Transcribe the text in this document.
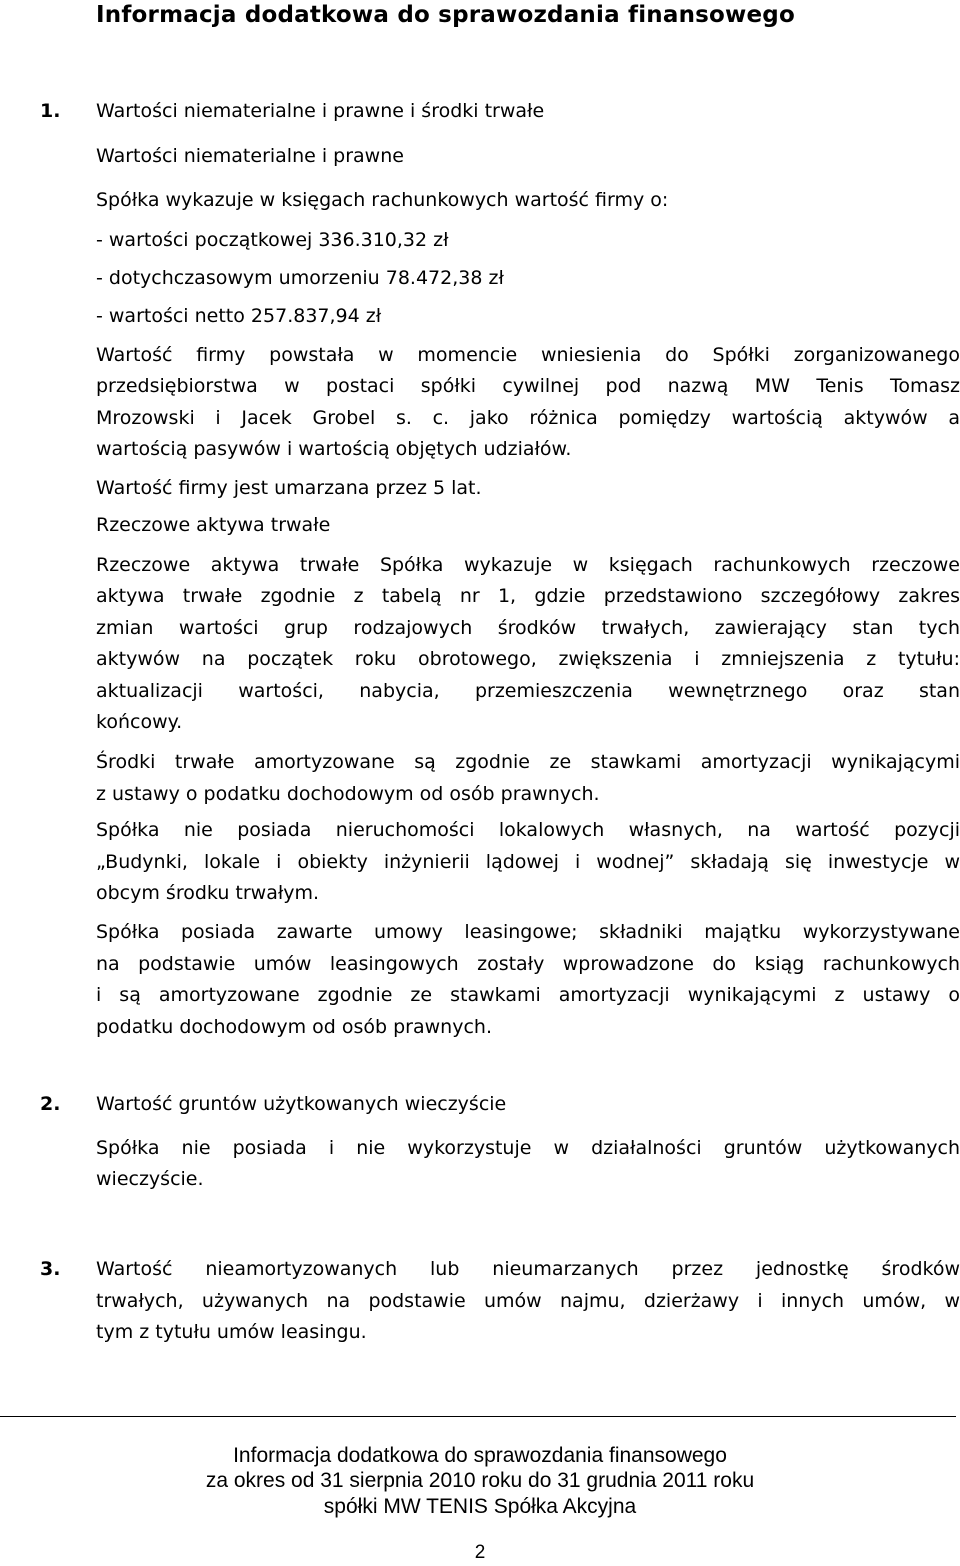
Informacja dodatkowa do sprawozdania finansowego
1. Wartości niematerialne i prawne i środki trwałe
Wartości niematerialne i prawne
Spółka wykazuje w księgach rachunkowych wartość firmy o:
- wartości początkowej 336.310,32 zł
- dotychczasowym umorzeniu 78.472,38 zł
- wartości netto 257.837,94 zł
Wartość firmy powstała w momencie wniesienia do Spółki zorganizowanego
przedsiębiorstwa w postaci spółki cywilnej pod nazwą MW Tenis Tomasz
Mrozowski i Jacek Grobel s. c. jako różnica pomiędzy wartością aktywów a
wartością pasywów i wartością objętych udziałów.
Wartość firmy jest umarzana przez 5 lat.
Rzeczowe aktywa trwałe
Rzeczowe aktywa trwałe Spółka wykazuje w księgach rachunkowych rzeczowe
aktywa trwałe zgodnie z tabelą nr 1, gdzie przedstawiono szczegółowy zakres
zmian wartości grup rodzajowych środków trwałych, zawierający stan tych
aktywów na początek roku obrotowego, zwiększenia i zmniejszenia z tytułu:
aktualizacji wartości, nabycia, przemieszczenia wewnętrznego oraz stan
końcowy.
Środki trwałe amortyzowane są zgodnie ze stawkami amortyzacji wynikającymi
z ustawy o podatku dochodowym od osób prawnych.
Spółka nie posiada nieruchomości lokalowych własnych, na wartość pozycji
„Budynki, lokale i obiekty inżynierii lądowej i wodnej” składają się inwestycje w
obcym środku trwałym.
Spółka posiada zawarte umowy leasingowe; składniki majątku wykorzystywane
na podstawie umów leasingowych zostały wprowadzone do ksiąg rachunkowych
i są amortyzowane zgodnie ze stawkami amortyzacji wynikającymi z ustawy o
podatku dochodowym od osób prawnych.
2. Wartość gruntów użytkowanych wieczyście
Spółka nie posiada i nie wykorzystuje w działalności gruntów użytkowanych
wieczyście.
3. Wartość nieamortyzowanych lub nieumarzanych przez jednostkę środków
trwałych, używanych na podstawie umów najmu, dzierżawy i innych umów, w
tym z tytułu umów leasingu.
Informacja dodatkowa do sprawozdania finansowego
za okres od 31 sierpnia 2010 roku do 31 grudnia 2011 roku
spółki MW TENIS Spółka Akcyjna
2
